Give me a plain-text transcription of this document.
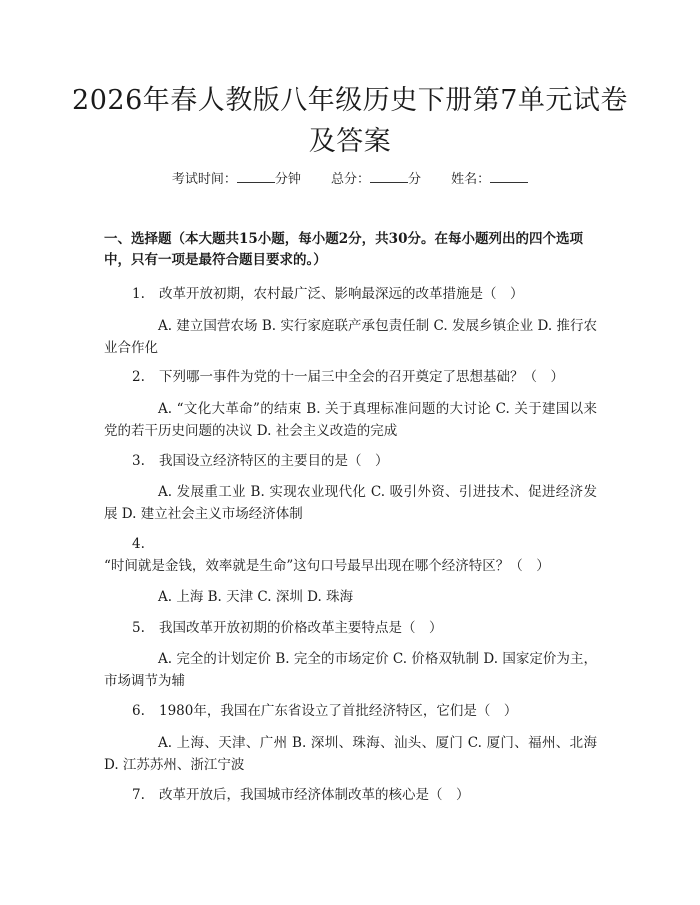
2026年春人教版八年级历史下册第7单元试卷及答案
考试时间：	分钟 总分：	分 姓名：
一、选择题（本大题共15小题，每小题2分，共30分。在每小题列出的四个选项中，只有一项是最符合题目要求的。）
1. 改革开放初期，农村最广泛、影响最深远的改革措施是（　）
A. 建立国营农场 B. 实行家庭联产承包责任制 C. 发展乡镇企业 D. 推行农业合作化
2. 下列哪一事件为党的十一届三中全会的召开奠定了思想基础？（　）
A. “文化大革命”的结束 B. 关于真理标准问题的大讨论 C. 关于建国以来党的若干历史问题的决议 D. 社会主义改造的完成
3. 我国设立经济特区的主要目的是（　）
A. 发展重工业 B. 实现农业现代化 C. 吸引外资、引进技术、促进经济发展 D. 建立社会主义市场经济体制
4.“时间就是金钱，效率就是生命”这句口号最早出现在哪个经济特区？（　）
A. 上海 B. 天津 C. 深圳 D. 珠海
5. 我国改革开放初期的价格改革主要特点是（　）
A. 完全的计划定价 B. 完全的市场定价 C. 价格双轨制 D. 国家定价为主，市场调节为辅
6. 1980年，我国在广东省设立了首批经济特区，它们是（　）
A. 上海、天津、广州 B. 深圳、珠海、汕头、厦门 C. 厦门、福州、北海 D. 江苏苏州、浙江宁波
7. 改革开放后，我国城市经济体制改革的核心是（　）
